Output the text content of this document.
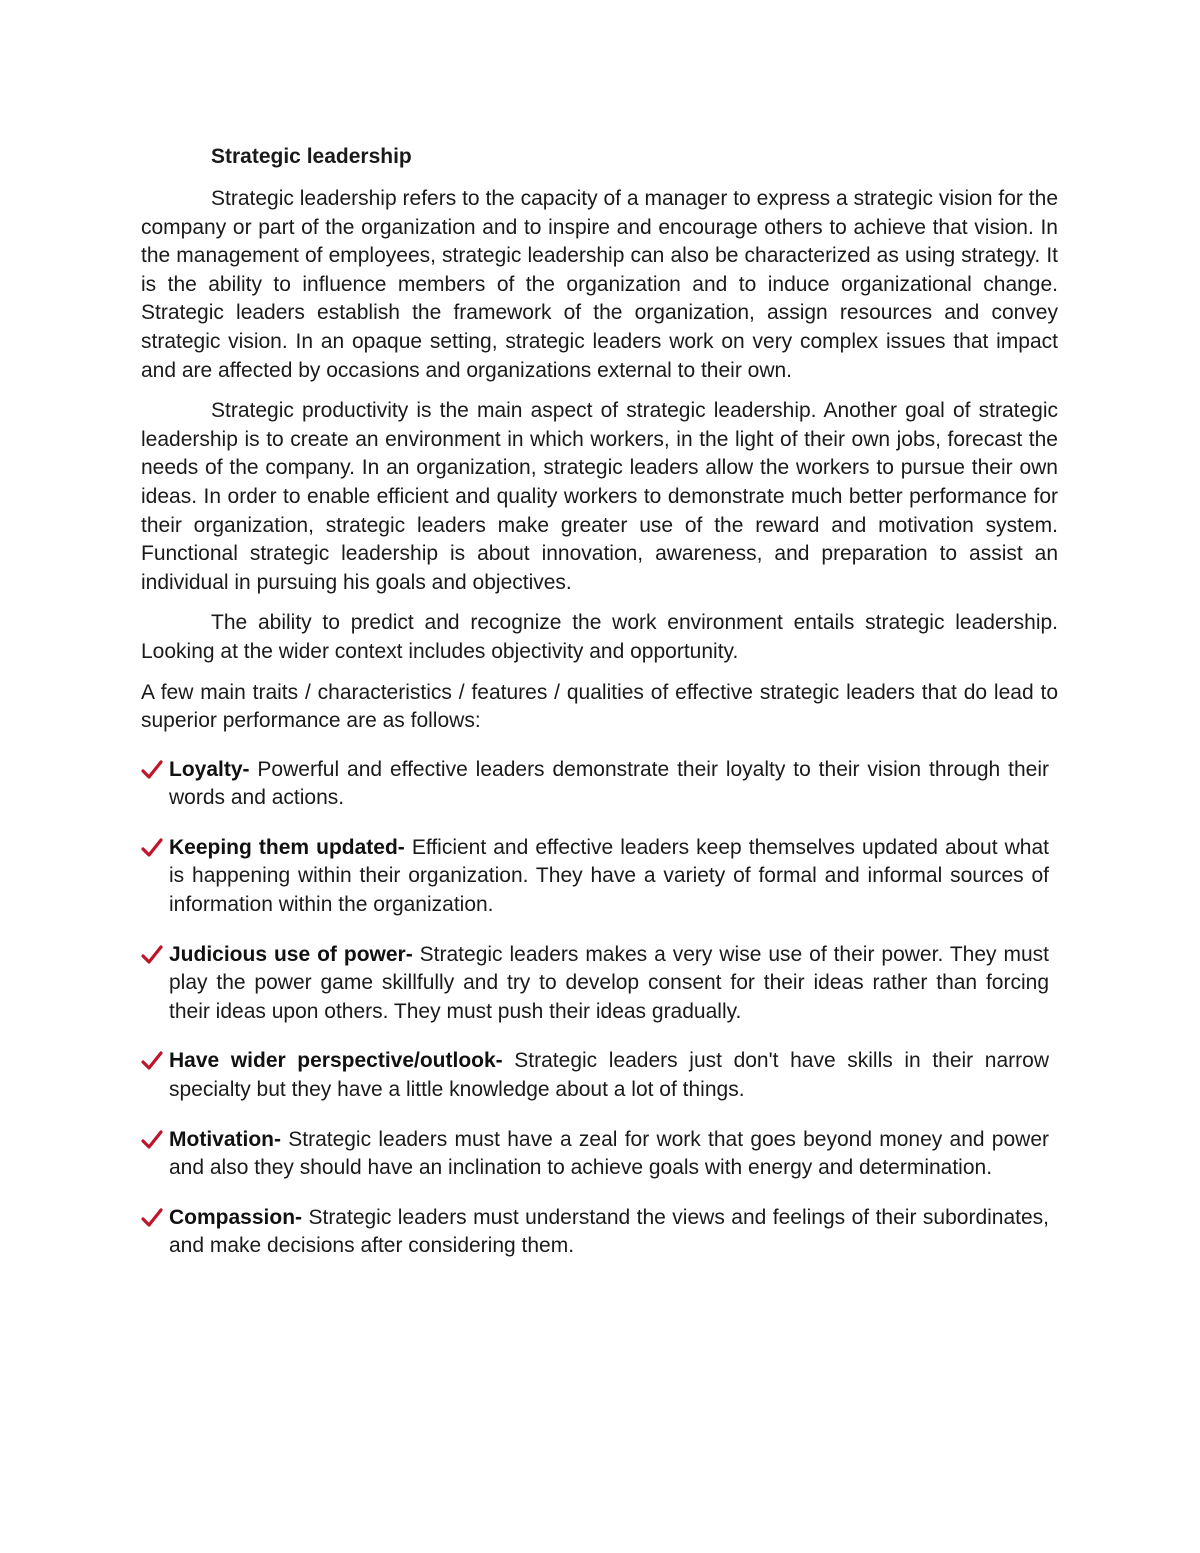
Strategic leadership

Strategic leadership refers to the capacity of a manager to express a strategic vision for the company or part of the organization and to inspire and encourage others to achieve that vision. In the management of employees, strategic leadership can also be characterized as using strategy. It is the ability to influence members of the organization and to induce organizational change. Strategic leaders establish the framework of the organization, assign resources and convey strategic vision. In an opaque setting, strategic leaders work on very complex issues that impact and are affected by occasions and organizations external to their own.

Strategic productivity is the main aspect of strategic leadership. Another goal of strategic leadership is to create an environment in which workers, in the light of their own jobs, forecast the needs of the company. In an organization, strategic leaders allow the workers to pursue their own ideas. In order to enable efficient and quality workers to demonstrate much better performance for their organization, strategic leaders make greater use of the reward and motivation system. Functional strategic leadership is about innovation, awareness, and preparation to assist an individual in pursuing his goals and objectives.

The ability to predict and recognize the work environment entails strategic leadership. Looking at the wider context includes objectivity and opportunity.

A few main traits / characteristics / features / qualities of effective strategic leaders that do lead to superior performance are as follows:

Loyalty- Powerful and effective leaders demonstrate their loyalty to their vision through their words and actions.
Keeping them updated- Efficient and effective leaders keep themselves updated about what is happening within their organization. They have a variety of formal and informal sources of information within the organization.
Judicious use of power- Strategic leaders makes a very wise use of their power. They must play the power game skillfully and try to develop consent for their ideas rather than forcing their ideas upon others. They must push their ideas gradually.
Have wider perspective/outlook- Strategic leaders just don't have skills in their narrow specialty but they have a little knowledge about a lot of things.
Motivation- Strategic leaders must have a zeal for work that goes beyond money and power and also they should have an inclination to achieve goals with energy and determination.
Compassion- Strategic leaders must understand the views and feelings of their subordinates, and make decisions after considering them.
